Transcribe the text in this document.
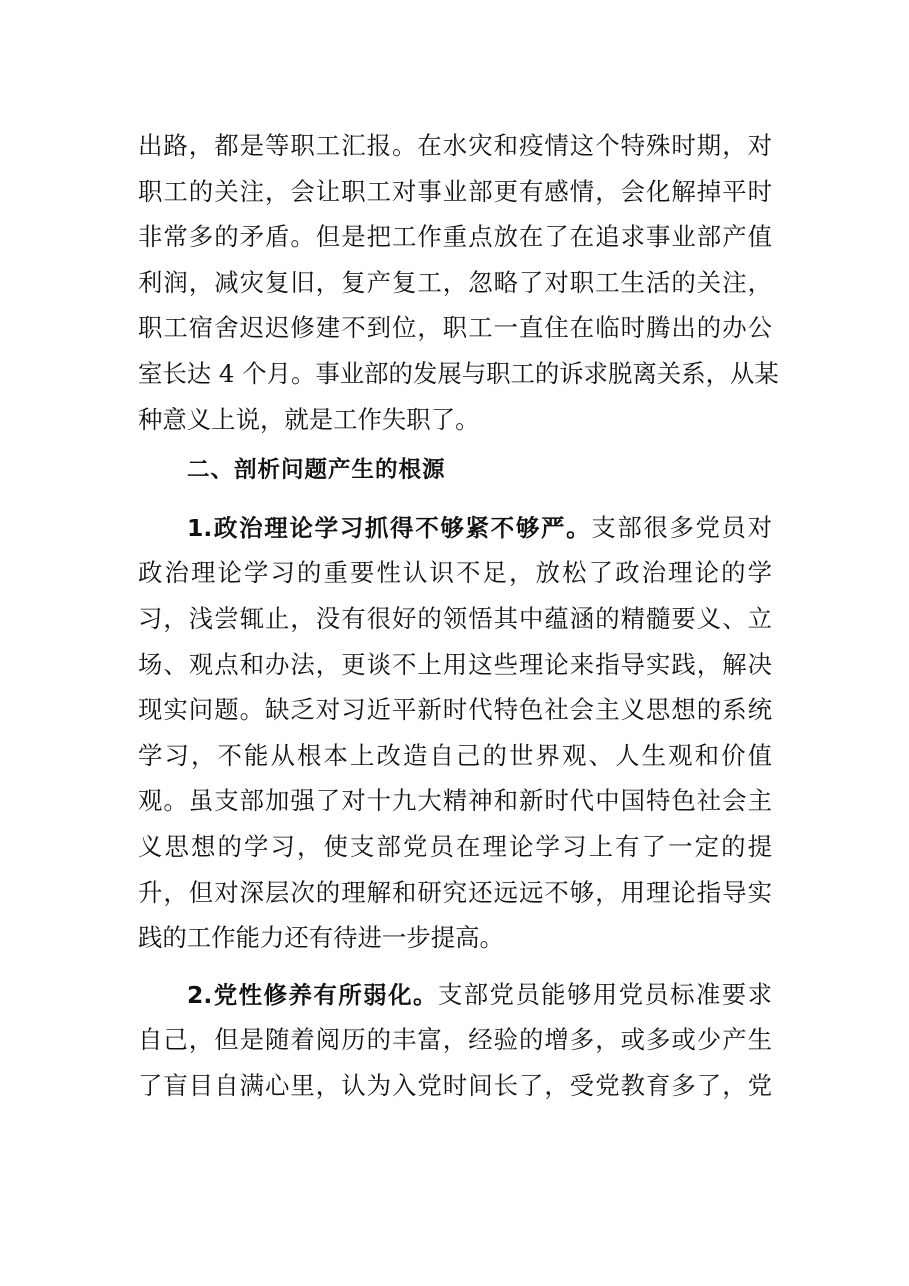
出路，都是等职工汇报。在水灾和疫情这个特殊时期，对
职工的关注，会让职工对事业部更有感情，会化解掉平时
非常多的矛盾。但是把工作重点放在了在追求事业部产值
利润，减灾复旧，复产复工，忽略了对职工生活的关注，
职工宿舍迟迟修建不到位，职工一直住在临时腾出的办公
室长达 4 个月。事业部的发展与职工的诉求脱离关系，从某
种意义上说，就是工作失职了。
二、剖析问题产生的根源
1.政治理论学习抓得不够紧不够严。支部很多党员对
政治理论学习的重要性认识不足，放松了政治理论的学
习，浅尝辄止，没有很好的领悟其中蕴涵的精髓要义、立
场、观点和办法，更谈不上用这些理论来指导实践，解决
现实问题。缺乏对习近平新时代特色社会主义思想的系统
学习，不能从根本上改造自己的世界观、人生观和价值
观。虽支部加强了对十九大精神和新时代中国特色社会主
义思想的学习，使支部党员在理论学习上有了一定的提
升，但对深层次的理解和研究还远远不够，用理论指导实
践的工作能力还有待进一步提高。
2.党性修养有所弱化。支部党员能够用党员标准要求
自己，但是随着阅历的丰富，经验的增多，或多或少产生
了盲目自满心里，认为入党时间长了，受党教育多了，党
